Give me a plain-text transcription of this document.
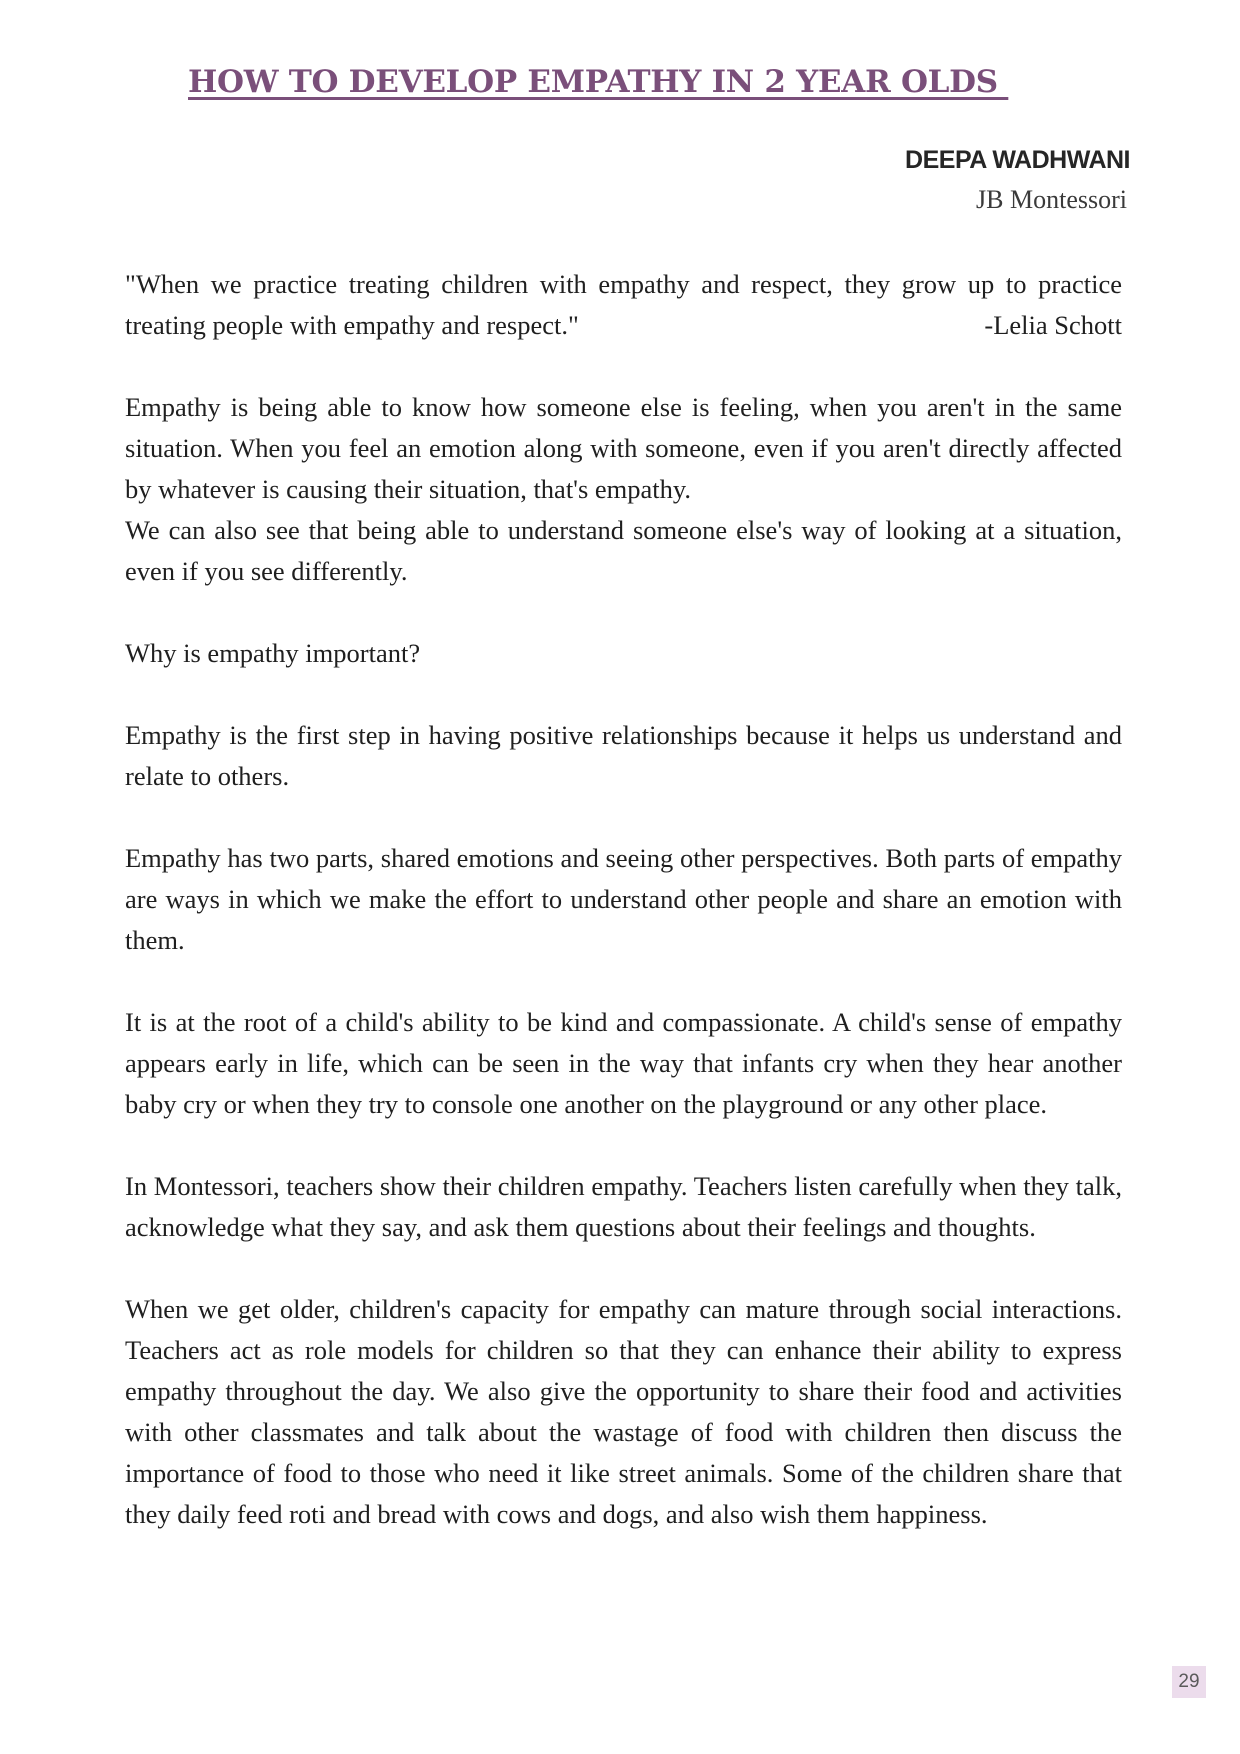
HOW TO DEVELOP EMPATHY IN 2 YEAR OLDS
DEEPA WADHWANI
JB Montessori

"When we practice treating children with empathy and respect, they grow up to practice treating people with empathy and respect."	-Lelia Schott

Empathy is being able to know how someone else is feeling, when you aren't in the same situation. When you feel an emotion along with someone, even if you aren't directly affected by whatever is causing their situation, that's empathy.

We can also see that being able to understand someone else's way of looking at a situation, even if you see differently.

Why is empathy important?

Empathy is the first step in having positive relationships because it helps us understand and relate to others.

Empathy has two parts, shared emotions and seeing other perspectives. Both parts of empathy are ways in which we make the effort to understand other people and share an emotion with them.

It is at the root of a child's ability to be kind and compassionate. A child's sense of empathy appears early in life, which can be seen in the way that infants cry when they hear another baby cry or when they try to console one another on the playground or any other place.

In Montessori, teachers show their children empathy. Teachers listen carefully when they talk, acknowledge what they say, and ask them questions about their feelings and thoughts.

When we get older, children's capacity for empathy can mature through social interactions. Teachers act as role models for children so that they can enhance their ability to express empathy throughout the day. We also give the opportunity to share their food and activities with other classmates and talk about the wastage of food with children then discuss the importance of food to those who need it like street animals. Some of the children share that they daily feed roti and bread with cows and dogs, and also wish them happiness.

29
